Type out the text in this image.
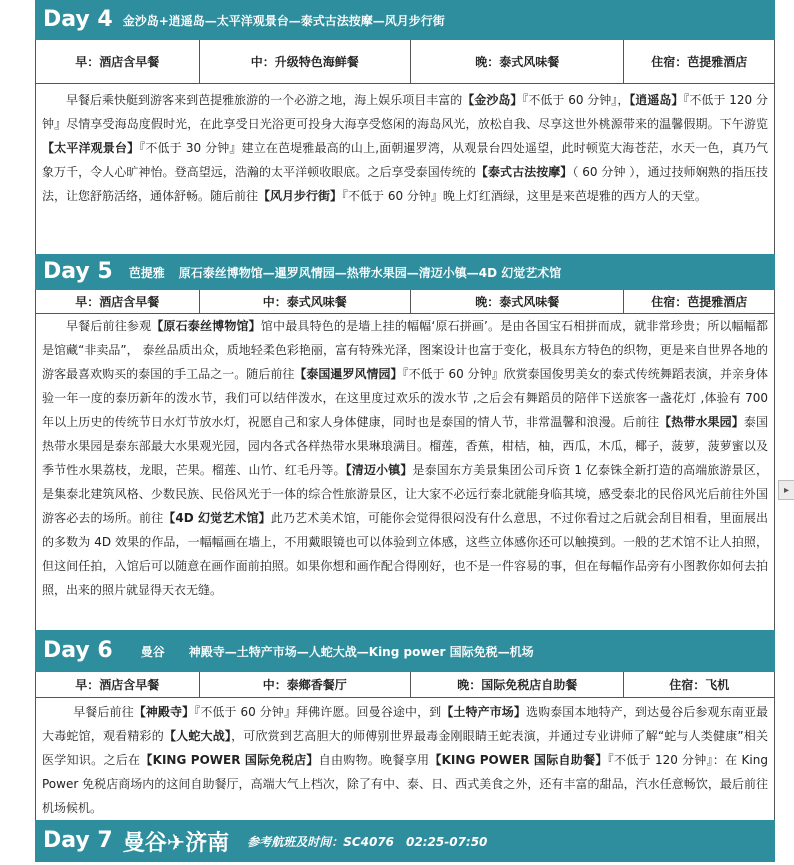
Day 4 金沙岛+逍遥岛—太平洋观景台—泰式古法按摩—风月步行街
早：酒店含早餐	中：升级特色海鲜餐	晚：泰式风味餐	住宿：芭提雅酒店
早餐后乘快艇到游客来到芭提雅旅游的一个必游之地，海上娱乐项目丰富的【金沙岛】『不低于 60 分钟』，【逍遥岛】『不低于 120 分钟』尽情享受海岛度假时光，在此享受日光浴更可投身大海享受悠闲的海岛风光，放松自我、尽享这世外桃源带来的温馨假期。下午游览【太平洋观景台】『不低于 30 分钟』建立在芭堤雅最高的山上,面朝暹罗湾，从观景台四处遥望，此时顿览大海苍茫，水天一色，真乃气象万千，令人心旷神怡。登高望远，浩瀚的太平洋顿收眼底。之后享受泰国传统的【泰式古法按摩】（ 60 分钟 ），通过技师娴熟的指压技法，让您舒筋活络，通体舒畅。随后前往【风月步行街】『不低于 60 分钟』晚上灯红酒绿，这里是来芭堤雅的西方人的天堂。
Day 5 芭提雅 原石泰丝博物馆—暹罗风情园—热带水果园—清迈小镇—4D 幻觉艺术馆
早：酒店含早餐	中：泰式风味餐	晚：泰式风味餐	住宿：芭提雅酒店
早餐后前往参观【原石泰丝博物馆】馆中最具特色的是墙上挂的幅幅‘原石拼画’。是由各国宝石相拼而成，就非常珍贵；所以幅幅都是馆藏“非卖品”， 泰丝品质出众，质地轻柔色彩艳丽，富有特殊光泽，图案设计也富于变化，极具东方特色的织物，更是来自世界各地的游客最喜欢购买的泰国的手工品之一。随后前往【泰国暹罗风情园】『不低于 60 分钟』欣赏泰国俊男美女的泰式传统舞蹈表演，并亲身体验一年一度的泰历新年的泼水节，我们可以结伴泼水，在这里度过欢乐的泼水节 ,之后会有舞蹈员的陪伴下送旅客一盏花灯 ,体验有 700 年以上历史的传统节日水灯节放水灯，祝愿自己和家人身体健康，同时也是泰国的情人节，非常温馨和浪漫。后前往【热带水果园】泰国热带水果园是泰东部最大水果观光园，园内各式各样热带水果琳琅满目。榴莲，香蕉，柑桔，柚，西瓜，木瓜，椰子，菠萝，菠萝蜜以及季节性水果荔枝，龙眼，芒果。榴莲、山竹、红毛丹等。【清迈小镇】是泰国东方美景集团公司斥资 1 亿泰铢全新打造的高端旅游景区，是集泰北建筑风格、少数民族、民俗风光于一体的综合性旅游景区，让大家不必远行泰北就能身临其境，感受泰北的民俗风光后前往外国游客必去的场所。前往【4D 幻觉艺术馆】此乃艺术美术馆，可能你会觉得很闷没有什么意思，不过你看过之后就会刮目相看，里面展出的多数为 4D 效果的作品，一幅幅画在墙上，不用戴眼镜也可以体验到立体感，这些立体感你还可以触摸到。一般的艺术馆不让人拍照，但这间任拍，入馆后可以随意在画作面前拍照。如果你想和画作配合得刚好，也不是一件容易的事，但在每幅作品旁有小图教你如何去拍照，出来的照片就显得天衣无缝。
Day 6 曼谷 神殿寺—土特产市场—人蛇大战—King power 国际免税—机场
早：酒店含早餐	中：泰鄉香餐厅	晚：国际免税店自助餐	住宿：飞机
早餐后前往【神殿寺】『不低于 60 分钟』拜佛许愿。回曼谷途中，到【土特产市场】选购泰国本地特产，到达曼谷后参观东南亚最大毒蛇馆，观看精彩的【人蛇大战】，可欣赏到艺高胆大的师傅别世界最毒金刚眼睛王蛇表演，并通过专业讲师了解“蛇与人类健康”相关医学知识。之后在【KING POWER 国际免税店】自由购物。晚餐享用【KING POWER 国际自助餐】『不低于 120 分钟』：在 King Power 免税店商场内的这间自助餐厅，高端大气上档次，除了有中、泰、日、西式美食之外，还有丰富的甜品，汽水任意畅饮，最后前往机场候机。
Day 7 曼谷✈济南 参考航班及时间：SC4076　02:25-07:50
▸
